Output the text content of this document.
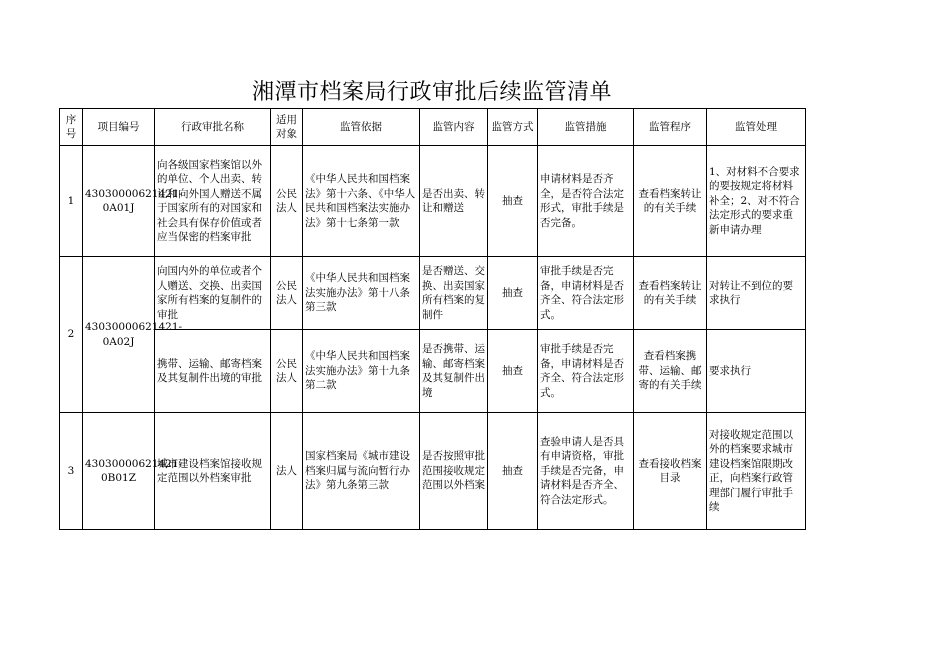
湘潭市档案局行政审批后续监管清单
序号	项目编号	行政审批名称	适用对象	监管依据	监管内容	监管方式	监管措施	监管程序	监管处理
1	43030000621421-0A01J	向各级国家档案馆以外的单位、个人出卖、转让和向外国人赠送不属于国家所有的对国家和社会具有保存价值或者应当保密的档案审批	公民法人	《中华人民共和国档案法》第十六条、《中华人民共和国档案法实施办法》第十七条第一款	是否出卖、转让和赠送	抽查	申请材料是否齐全，是否符合法定形式，审批手续是否完备。	查看档案转让的有关手续	1、对材料不合要求的要按规定将材料补全；2、对不符合法定形式的要求重新申请办理
2	43030000621421-0A02J	向国内外的单位或者个人赠送、交换、出卖国家所有档案的复制件的审批	公民法人	《中华人民共和国档案法实施办法》第十八条第三款	是否赠送、交换、出卖国家所有档案的复制件	抽查	审批手续是否完备，申请材料是否齐全、符合法定形式。	查看档案转让的有关手续	对转让不到位的要求执行
		携带、运输、邮寄档案及其复制件出境的审批	公民法人	《中华人民共和国档案法实施办法》第十九条第二款	是否携带、运输、邮寄档案及其复制件出境	抽查	审批手续是否完备，申请材料是否齐全、符合法定形式。	查看档案携带、运输、邮寄的有关手续	要求执行
3	43030000621421-0B01Z	城市建设档案馆接收规定范围以外档案审批	法人	国家档案局《城市建设档案归属与流向暂行办法》第九条第三款	是否按照审批范围接收规定范围以外档案	抽查	查验申请人是否具有申请资格，审批手续是否完备，申请材料是否齐全、符合法定形式。	查看接收档案目录	对接收规定范围以外的档案要求城市建设档案馆限期改正，向档案行政管理部门履行审批手续
